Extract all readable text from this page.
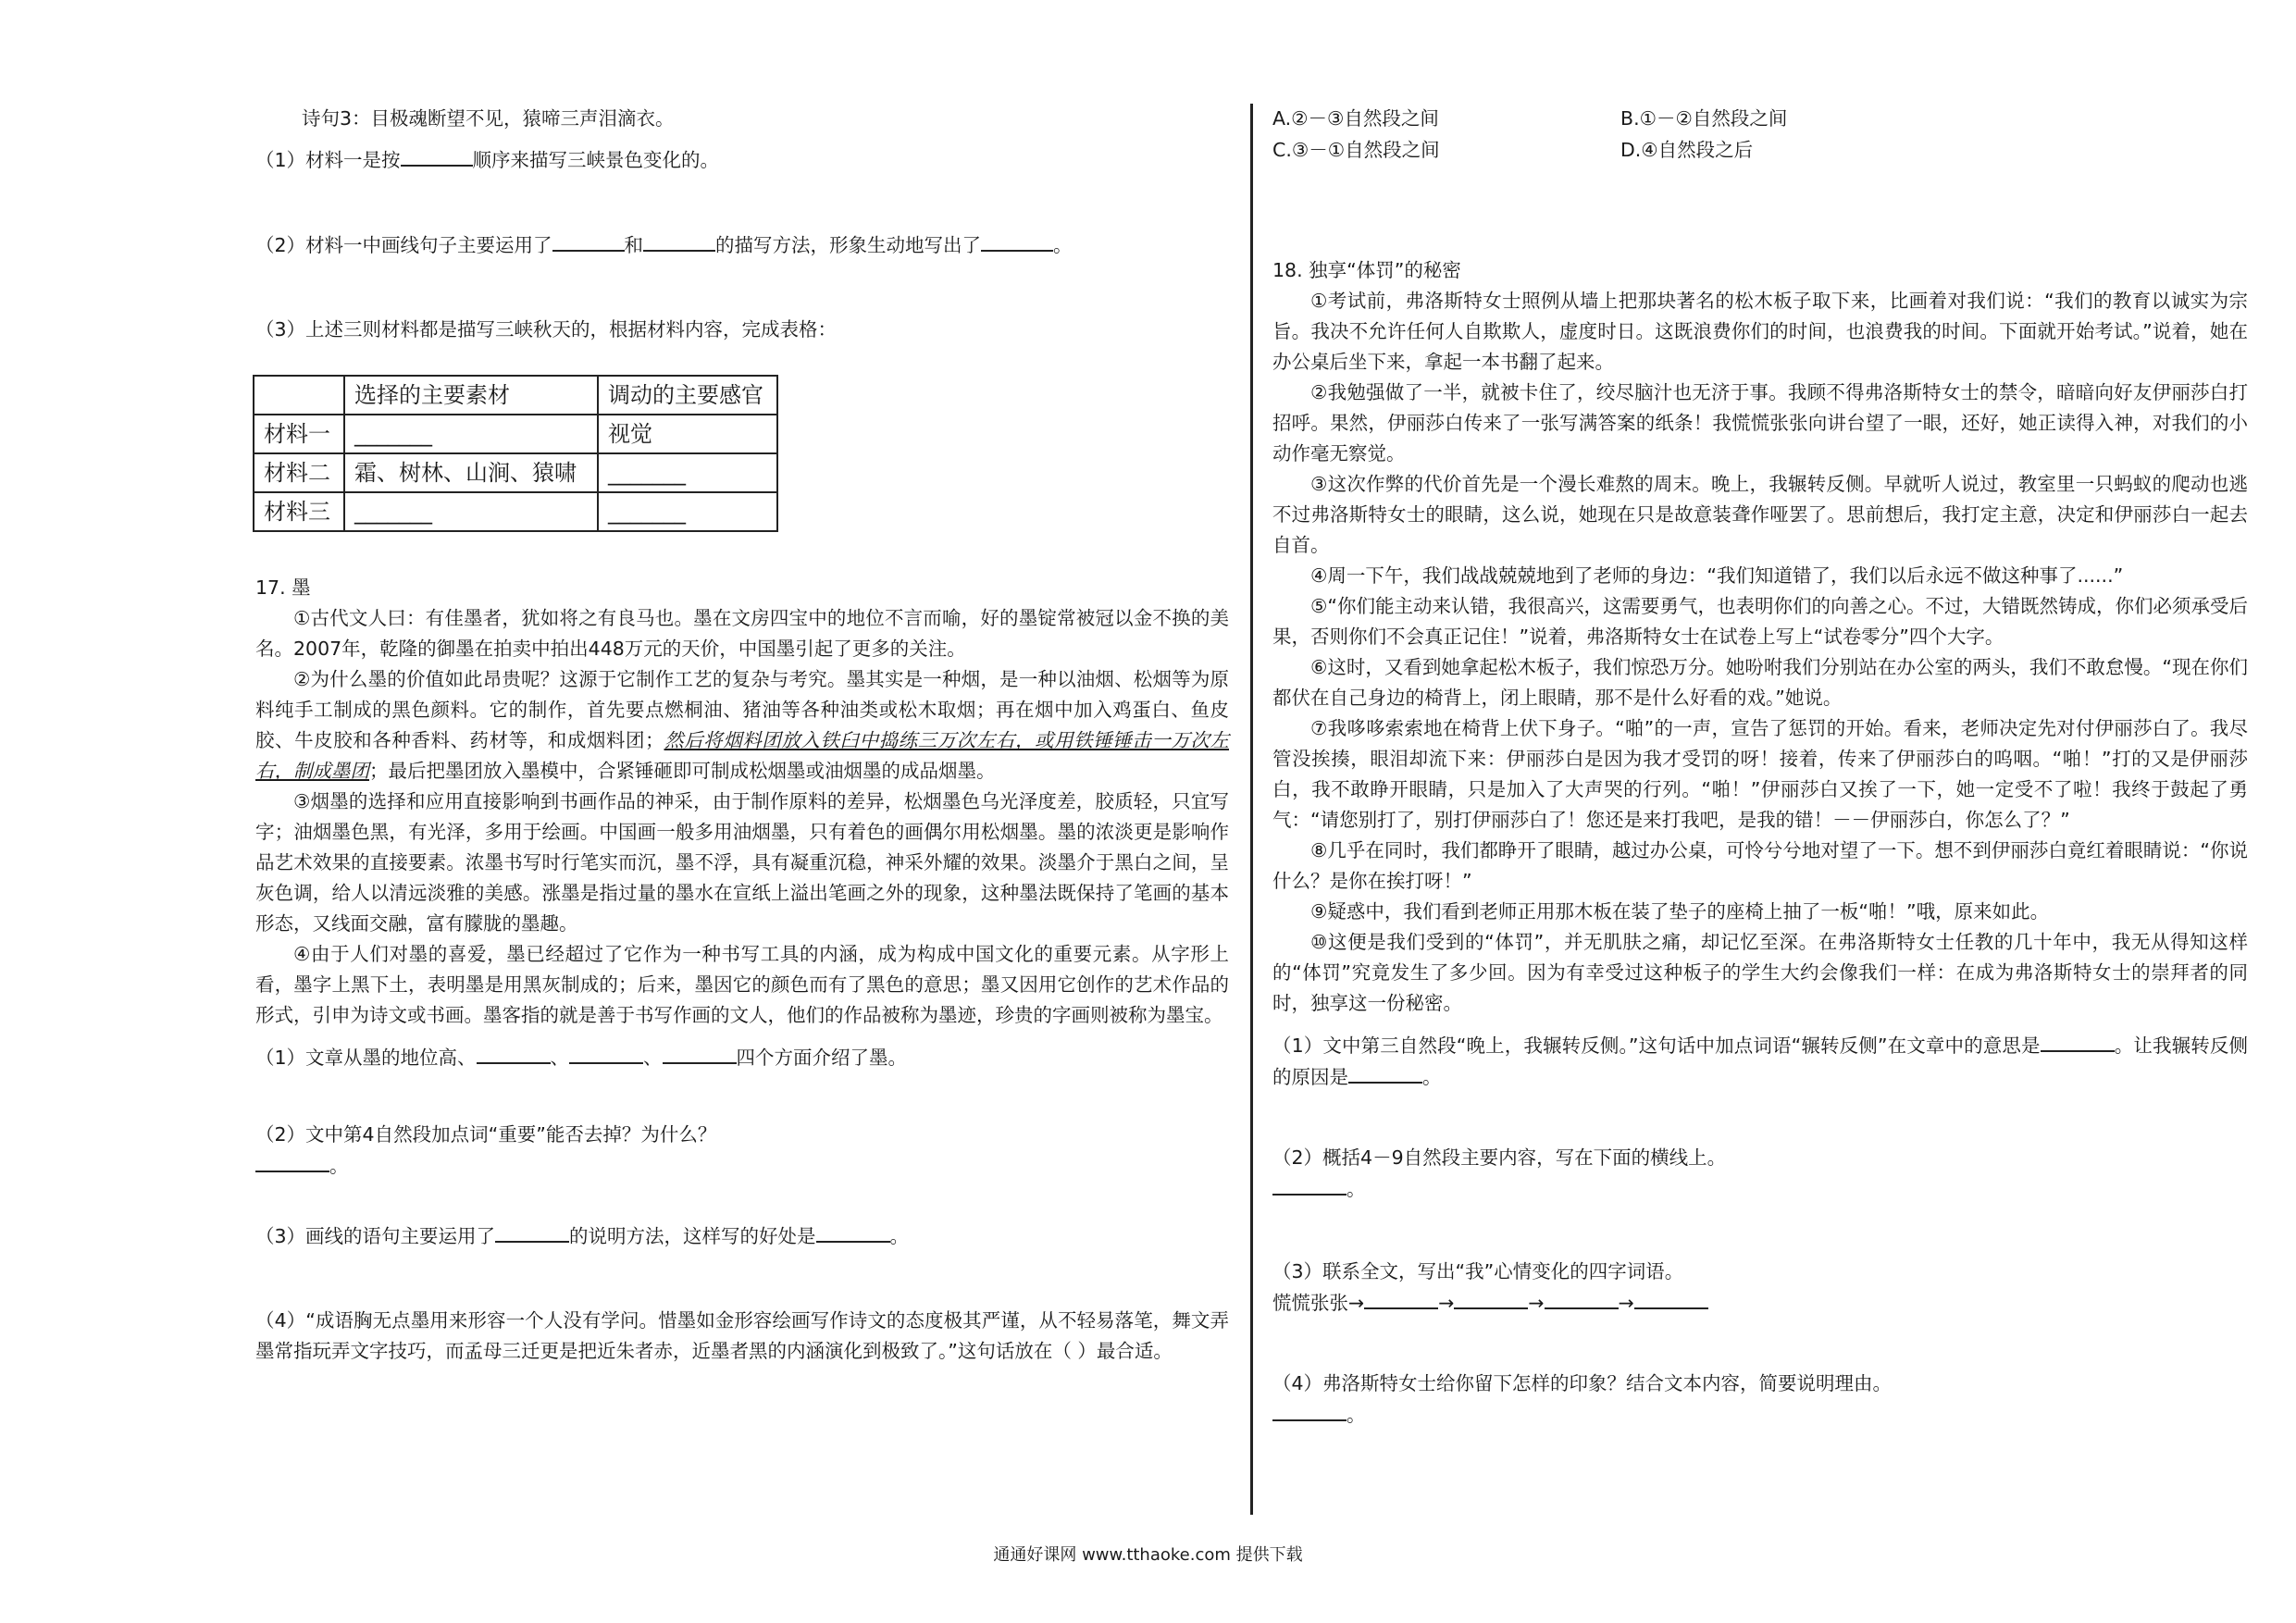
诗句3：目极魂断望不见，猿啼三声泪滴衣。
（1）材料一是按	顺序来描写三峡景色变化的。
（2）材料一中画线句子主要运用了	和	的描写方法，形象生动地写出了	。
（3）上述三则材料都是描写三峡秋天的，根据材料内容，完成表格：
	选择的主要素材	调动的主要感官
材料一	_______	视觉
材料二	霜、树林、山涧、猿啸	_______
材料三	_______	_______
17. 墨

①古代文人曰：有佳墨者，犹如将之有良马也。墨在文房四宝中的地位不言而喻，好的墨锭常被冠以金不换的美名。2007年，乾隆的御墨在拍卖中拍出448万元的天价，中国墨引起了更多的关注。

②为什么墨的价值如此昂贵呢？这源于它制作工艺的复杂与考究。墨其实是一种烟，是一种以油烟、松烟等为原料纯手工制成的黑色颜料。它的制作，首先要点燃桐油、猪油等各种油类或松木取烟；再在烟中加入鸡蛋白、鱼皮胶、牛皮胶和各种香料、药材等，和成烟料团；然后将烟料团放入铁臼中捣练三万次左右，或用铁锤锤击一万次左右，制成墨团；最后把墨团放入墨模中，合紧锤砸即可制成松烟墨或油烟墨的成品烟墨。

③烟墨的选择和应用直接影响到书画作品的神采，由于制作原料的差异，松烟墨色乌光泽度差，胶质轻，只宜写字；油烟墨色黑，有光泽，多用于绘画。中国画一般多用油烟墨，只有着色的画偶尔用松烟墨。墨的浓淡更是影响作品艺术效果的直接要素。浓墨书写时行笔实而沉，墨不浮，具有凝重沉稳，神采外耀的效果。淡墨介于黑白之间，呈灰色调，给人以清远淡雅的美感。涨墨是指过量的墨水在宣纸上溢出笔画之外的现象，这种墨法既保持了笔画的基本形态，又线面交融，富有朦胧的墨趣。

④由于人们对墨的喜爱，墨已经超过了它作为一种书写工具的内涵，成为构成中国文化的重要元素。从字形上看，墨字上黑下土，表明墨是用黑灰制成的；后来，墨因它的颜色而有了黑色的意思；墨又因用它创作的艺术作品的形式，引申为诗文或书画。墨客指的就是善于书写作画的文人，他们的作品被称为墨迹，珍贵的字画则被称为墨宝。

（1）文章从墨的地位高、	、	、	四个方面介绍了墨。
（2）文中第4自然段加点词“重要”能否去掉？为什么？
。
（3）画线的语句主要运用了	的说明方法，这样写的好处是	。

（4）“成语胸无点墨用来形容一个人没有学问。惜墨如金形容绘画写作诗文的态度极其严谨，从不轻易落笔，舞文弄墨常指玩弄文字技巧，而孟母三迁更是把近朱者赤，近墨者黑的内涵演化到极致了。”这句话放在（ ）最合适。

A.②－③自然段之间	B.①－②自然段之间
C.③－①自然段之间	D.④自然段之后
18. 独享“体罚”的秘密

①考试前，弗洛斯特女士照例从墙上把那块著名的松木板子取下来，比画着对我们说：“我们的教育以诚实为宗旨。我决不允许任何人自欺欺人，虚度时日。这既浪费你们的时间，也浪费我的时间。下面就开始考试。”说着，她在办公桌后坐下来，拿起一本书翻了起来。

②我勉强做了一半，就被卡住了，绞尽脑汁也无济于事。我顾不得弗洛斯特女士的禁令，暗暗向好友伊丽莎白打招呼。果然，伊丽莎白传来了一张写满答案的纸条！我慌慌张张向讲台望了一眼，还好，她正读得入神，对我们的小动作毫无察觉。

③这次作弊的代价首先是一个漫长难熬的周末。晚上，我辗转反侧。早就听人说过，教室里一只蚂蚁的爬动也逃不过弗洛斯特女士的眼睛，这么说，她现在只是故意装聋作哑罢了。思前想后，我打定主意，决定和伊丽莎白一起去自首。

④周一下午，我们战战兢兢地到了老师的身边：“我们知道错了，我们以后永远不做这种事了......”

⑤“你们能主动来认错，我很高兴，这需要勇气，也表明你们的向善之心。不过，大错既然铸成，你们必须承受后果，否则你们不会真正记住！”说着，弗洛斯特女士在试卷上写上“试卷零分”四个大字。

⑥这时，又看到她拿起松木板子，我们惊恐万分。她吩咐我们分别站在办公室的两头，我们不敢怠慢。“现在你们都伏在自己身边的椅背上，闭上眼睛，那不是什么好看的戏。”她说。

⑦我哆哆索索地在椅背上伏下身子。“啪”的一声，宣告了惩罚的开始。看来，老师决定先对付伊丽莎白了。我尽管没挨揍，眼泪却流下来：伊丽莎白是因为我才受罚的呀！接着，传来了伊丽莎白的呜咽。“啪！”打的又是伊丽莎白，我不敢睁开眼睛，只是加入了大声哭的行列。“啪！”伊丽莎白又挨了一下，她一定受不了啦！我终于鼓起了勇气：“请您别打了，别打伊丽莎白了！您还是来打我吧，是我的错！－－伊丽莎白，你怎么了？”

⑧几乎在同时，我们都睁开了眼睛，越过办公桌，可怜兮兮地对望了一下。想不到伊丽莎白竟红着眼睛说：“你说什么？是你在挨打呀！”

⑨疑惑中，我们看到老师正用那木板在装了垫子的座椅上抽了一板“啪！”哦，原来如此。

⑩这便是我们受到的“体罚”，并无肌肤之痛，却记忆至深。在弗洛斯特女士任教的几十年中，我无从得知这样的“体罚”究竟发生了多少回。因为有幸受过这种板子的学生大约会像我们一样：在成为弗洛斯特女士的崇拜者的同时，独享这一份秘密。

（1）文中第三自然段“晚上，我辗转反侧。”这句话中加点词语“辗转反侧”在文章中的意思是	。让我辗转反侧的原因是	。

（2）概括4－9自然段主要内容，写在下面的横线上。
。
（3）联系全文，写出“我”心情变化的四字词语。
慌慌张张→	→	→	→
（4）弗洛斯特女士给你留下怎样的印象？结合文本内容，简要说明理由。
。
通通好课网 www.tthaoke.com 提供下载
